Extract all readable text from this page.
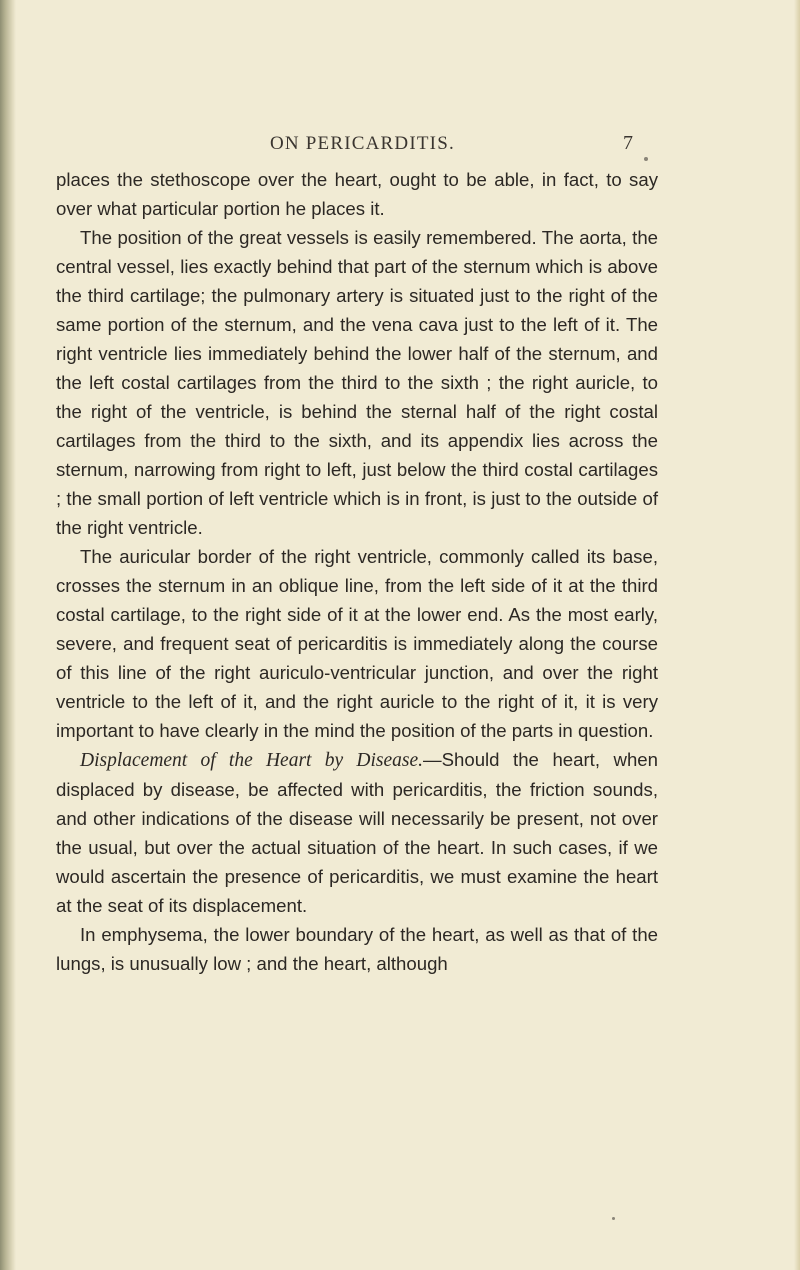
ON PERICARDITIS.	7

places the stethoscope over the heart, ought to be able, in fact, to say over what particular portion he places it.

The position of the great vessels is easily remembered. The aorta, the central vessel, lies exactly behind that part of the sternum which is above the third cartilage; the pulmonary artery is situated just to the right of the same portion of the sternum, and the vena cava just to the left of it. The right ventricle lies immediately behind the lower half of the sternum, and the left costal cartilages from the third to the sixth ; the right auricle, to the right of the ventricle, is behind the sternal half of the right costal cartilages from the third to the sixth, and its appendix lies across the sternum, narrowing from right to left, just below the third costal cartilages ; the small portion of left ventricle which is in front, is just to the outside of the right ventricle.

The auricular border of the right ventricle, commonly called its base, crosses the sternum in an oblique line, from the left side of it at the third costal cartilage, to the right side of it at the lower end. As the most early, severe, and frequent seat of pericarditis is immediately along the course of this line of the right auriculo-ventricular junction, and over the right ventricle to the left of it, and the right auricle to the right of it, it is very important to have clearly in the mind the position of the parts in question.

Displacement of the Heart by Disease.—Should the heart, when displaced by disease, be affected with pericarditis, the friction sounds, and other indications of the disease will necessarily be present, not over the usual, but over the actual situation of the heart. In such cases, if we would ascertain the presence of pericarditis, we must examine the heart at the seat of its displacement.

In emphysema, the lower boundary of the heart, as well as that of the lungs, is unusually low ; and the heart, although
